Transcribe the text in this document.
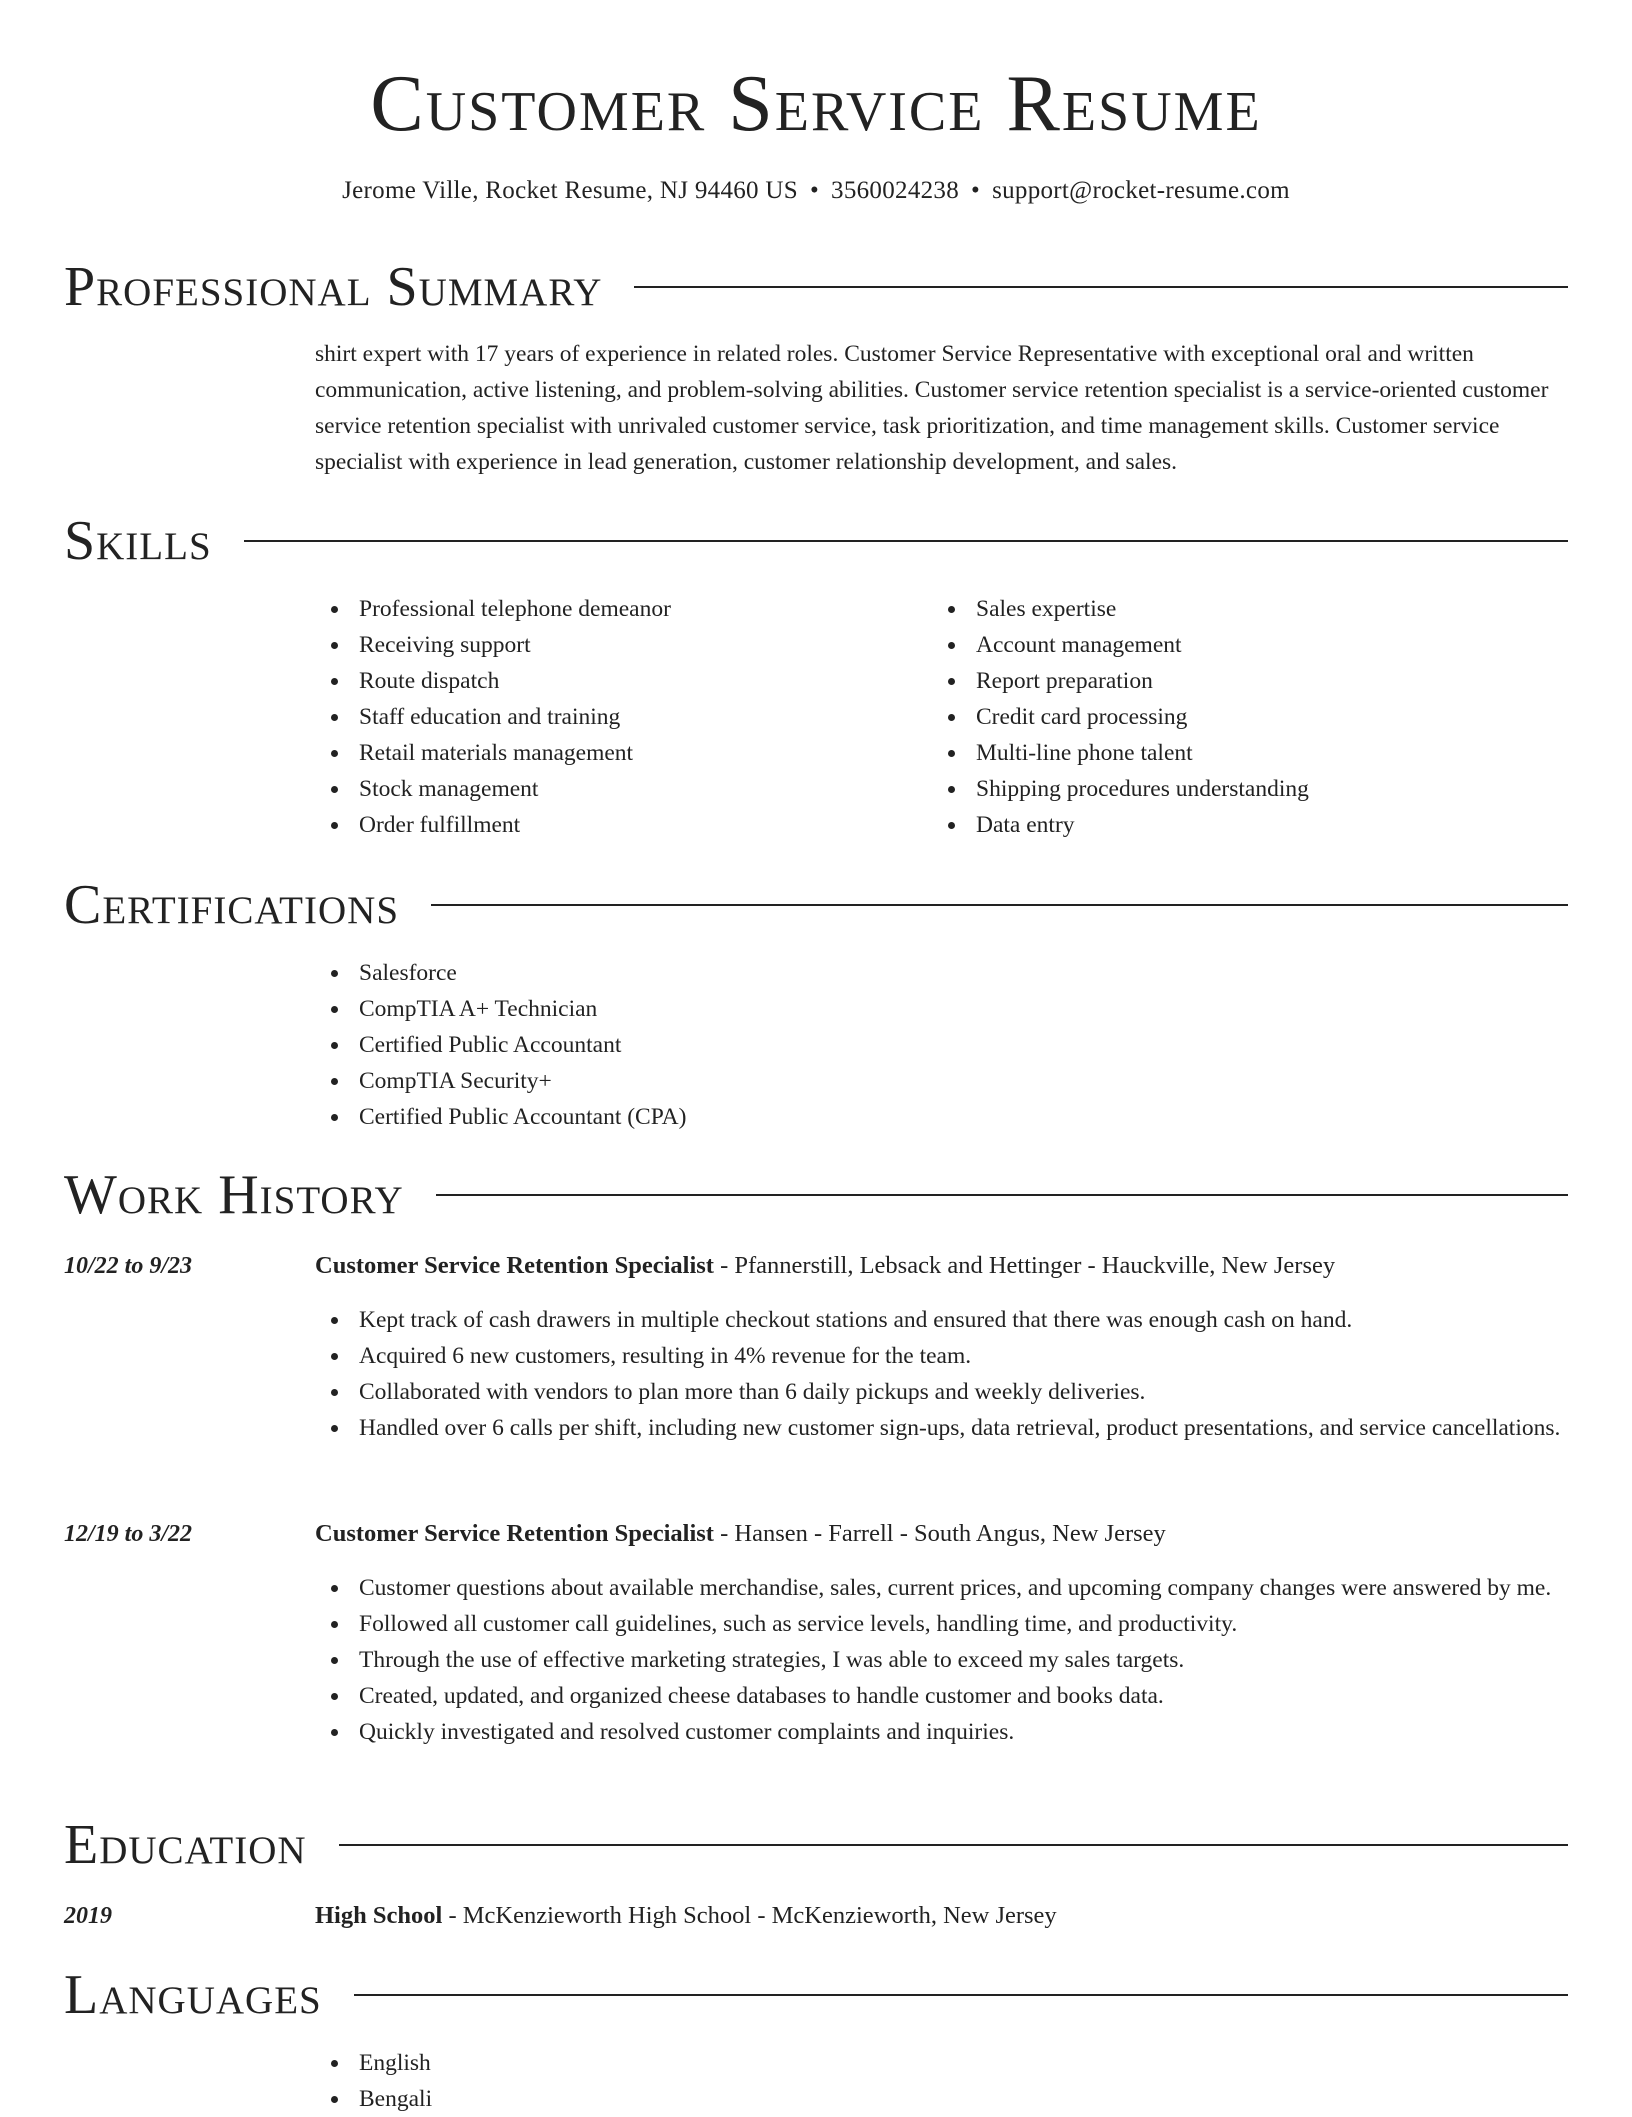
Customer Service Resume
Jerome Ville, Rocket Resume, NJ 94460 US • 3560024238 • support@rocket-resume.com
Professional Summary

shirt expert with 17 years of experience in related roles. Customer Service Representative with exceptional oral and written communication, active listening, and problem-solving abilities. Customer service retention specialist is a service-oriented customer service retention specialist with unrivaled customer service, task prioritization, and time management skills. Customer service specialist with experience in lead generation, customer relationship development, and sales.

Skills
Professional telephone demeanor
Receiving support
Route dispatch
Staff education and training
Retail materials management
Stock management
Order fulfillment
Sales expertise
Account management
Report preparation
Credit card processing
Multi-line phone talent
Shipping procedures understanding
Data entry
Certifications
Salesforce
CompTIA A+ Technician
Certified Public Accountant
CompTIA Security+
Certified Public Accountant (CPA)
Work History
10/22 to 9/23	Customer Service Retention Specialist - Pfannerstill, Lebsack and Hettinger - Hauckville, New Jersey
Kept track of cash drawers in multiple checkout stations and ensured that there was enough cash on hand.
Acquired 6 new customers, resulting in 4% revenue for the team.
Collaborated with vendors to plan more than 6 daily pickups and weekly deliveries.
Handled over 6 calls per shift, including new customer sign-ups, data retrieval, product presentations, and service cancellations.
12/19 to 3/22	Customer Service Retention Specialist - Hansen - Farrell - South Angus, New Jersey
Customer questions about available merchandise, sales, current prices, and upcoming company changes were answered by me.
Followed all customer call guidelines, such as service levels, handling time, and productivity.
Through the use of effective marketing strategies, I was able to exceed my sales targets.
Created, updated, and organized cheese databases to handle customer and books data.
Quickly investigated and resolved customer complaints and inquiries.
Education
2019	High School - McKenzieworth High School - McKenzieworth, New Jersey
Languages
English
Bengali
